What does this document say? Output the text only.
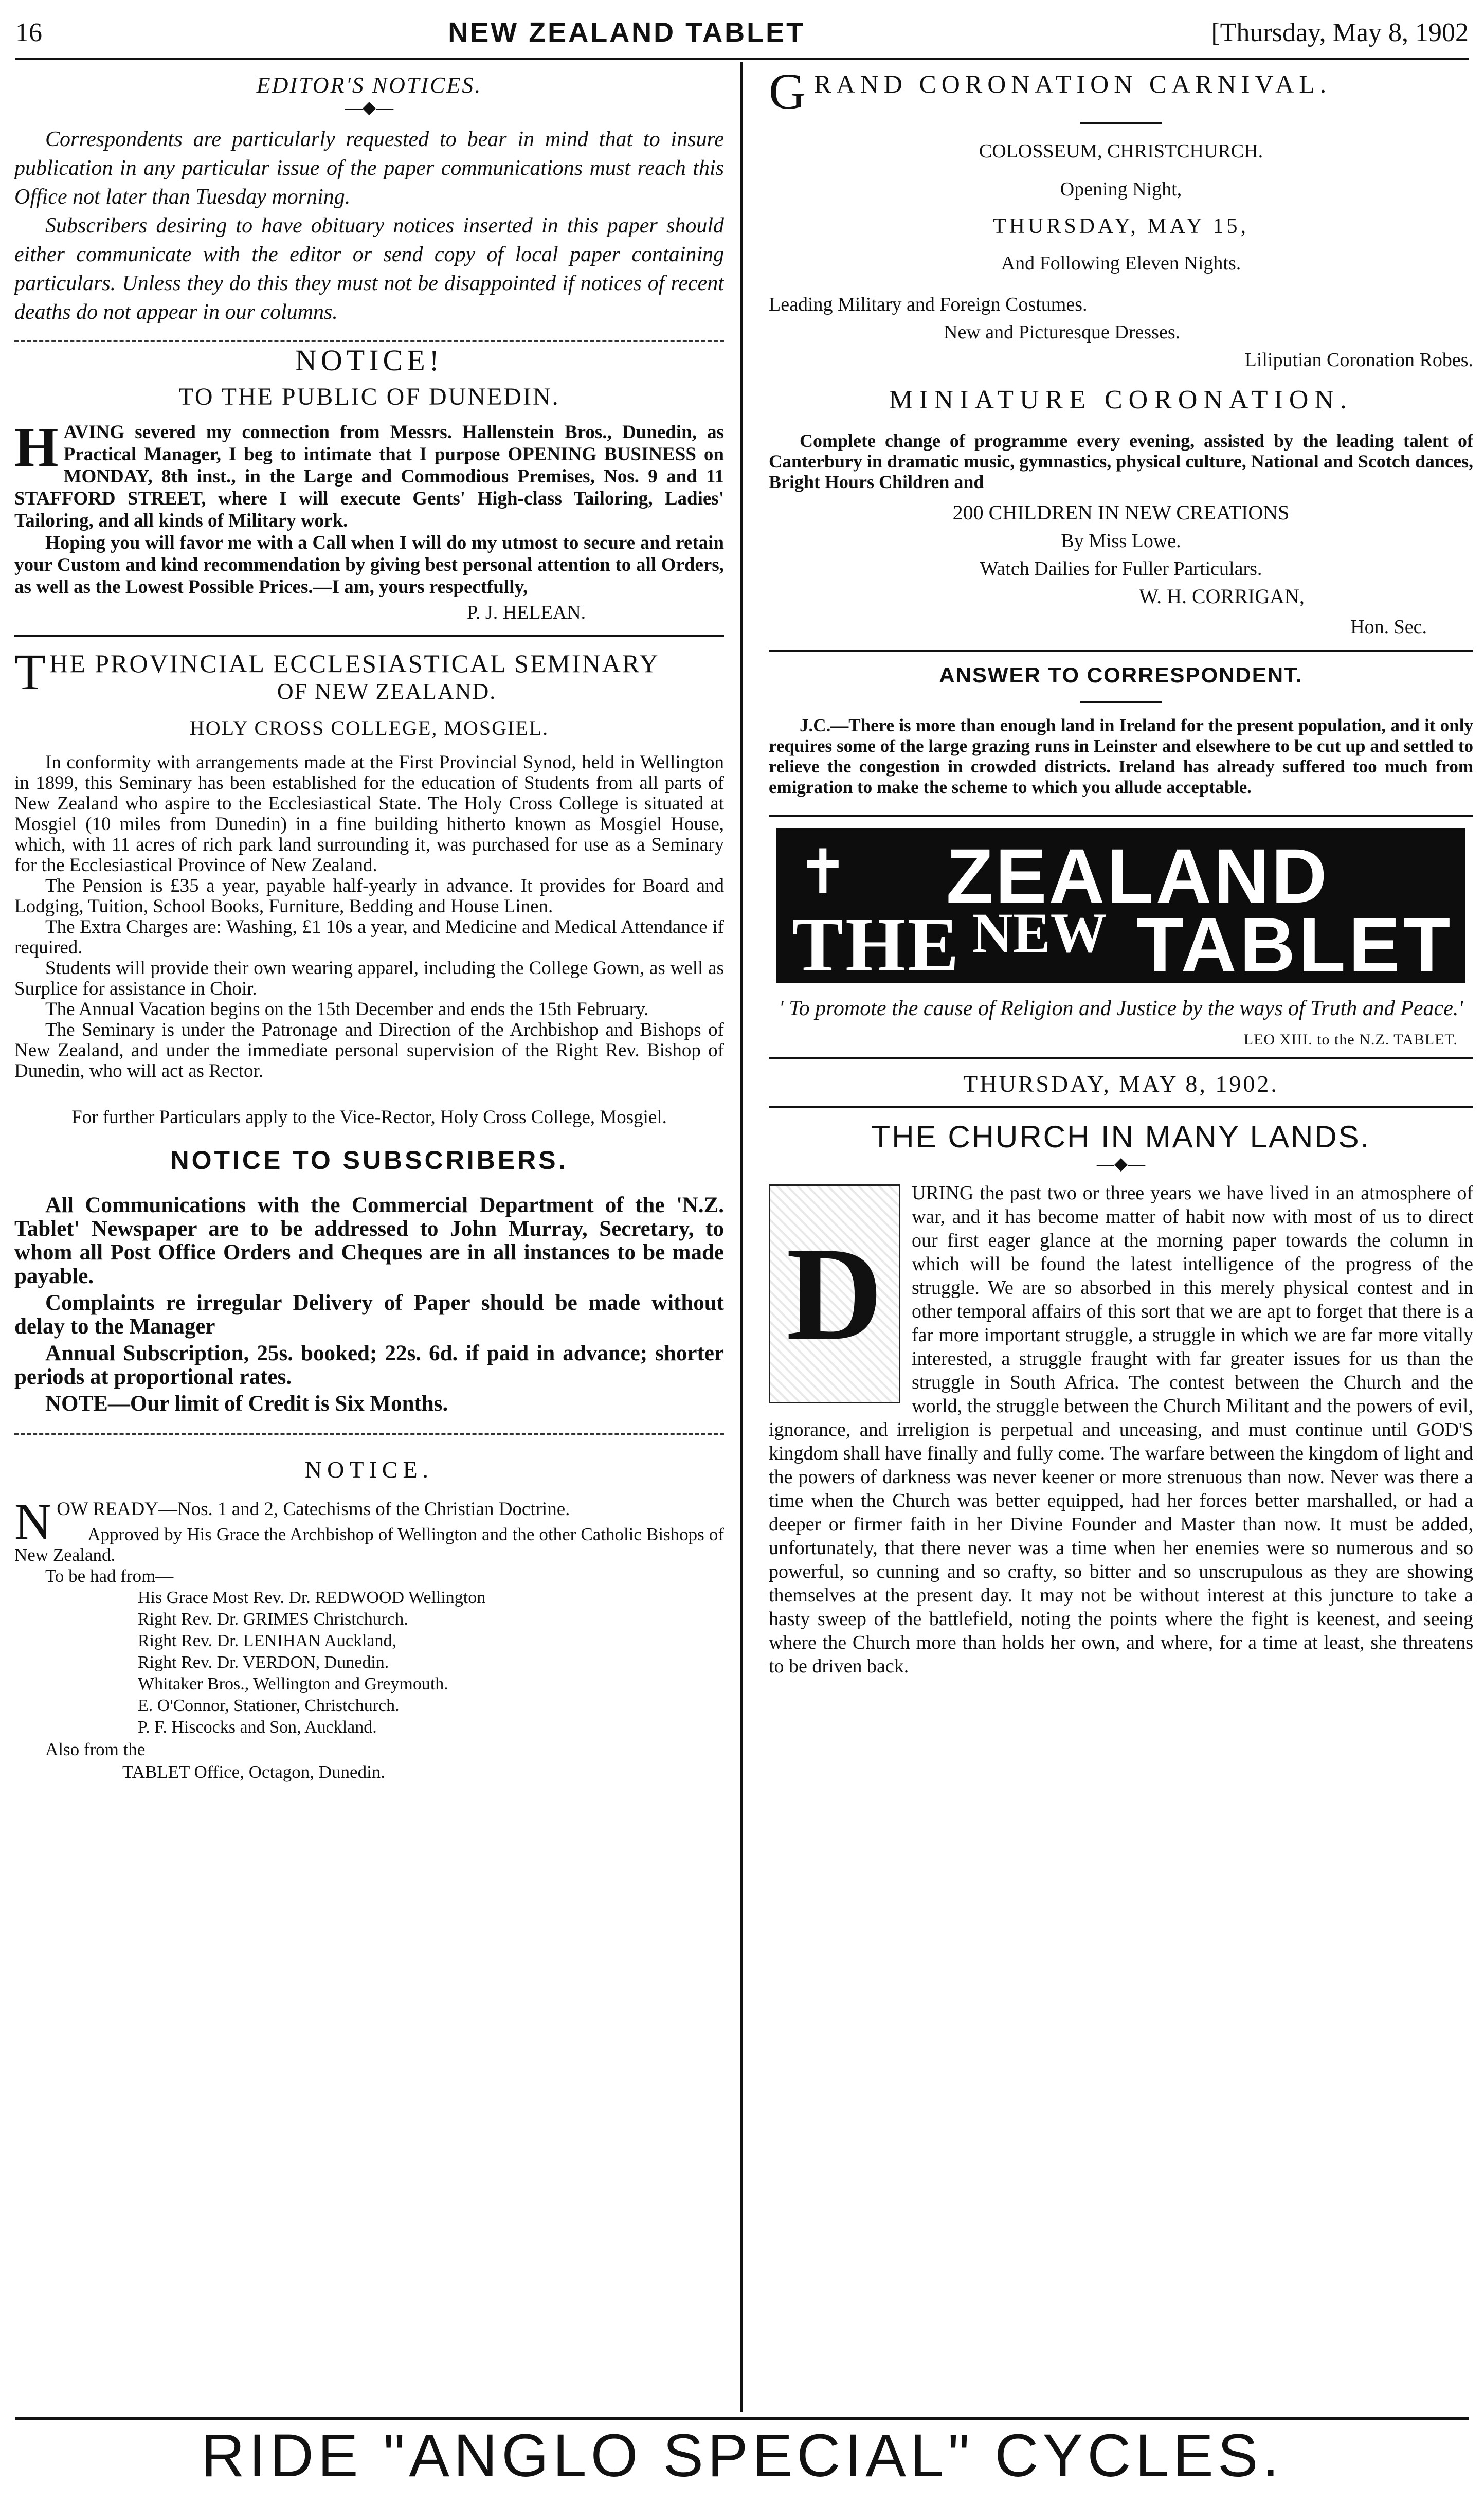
16	NEW ZEALAND TABLET	[Thursday, May 8, 1902

EDITOR'S NOTICES.

—◆—

Correspondents are particularly requested to bear in mind that to insure publication in any particular issue of the paper communications must reach this Office not later than Tuesday morning.

Subscribers desiring to have obituary notices inserted in this paper should either communicate with the editor or send copy of local paper containing particulars. Unless they do this they must not be disappointed if notices of recent deaths do not appear in our columns.

NOTICE!

TO THE PUBLIC OF DUNEDIN.

H AVING severed my connection from Messrs. Hallenstein Bros., Dunedin, as Practical Manager, I beg to intimate that I purpose OPENING BUSINESS on MONDAY, 8th inst., in the Large and Commodious Premises, Nos. 9 and 11 STAFFORD STREET, where I will execute Gents' High-class Tailoring, Ladies' Tailoring, and all kinds of Military work.

Hoping you will favor me with a Call when I will do my utmost to secure and retain your Custom and kind recommendation by giving best personal attention to all Orders, as well as the Lowest Possible Prices.—I am, yours respectfully,

P. J. HELEAN.

T HE PROVINCIAL ECCLESIASTICAL SEMINARY

OF NEW ZEALAND.

HOLY CROSS COLLEGE, MOSGIEL.

In conformity with arrangements made at the First Provincial Synod, held in Wellington in 1899, this Seminary has been established for the education of Students from all parts of New Zealand who aspire to the Ecclesiastical State. The Holy Cross College is situated at Mosgiel (10 miles from Dunedin) in a fine building hitherto known as Mosgiel House, which, with 11 acres of rich park land surrounding it, was purchased for use as a Seminary for the Ecclesiastical Province of New Zealand.

The Pension is £35 a year, payable half-yearly in advance. It provides for Board and Lodging, Tuition, School Books, Furniture, Bedding and House Linen.

The Extra Charges are: Washing, £1 10s a year, and Medicine and Medical Attendance if required.

Students will provide their own wearing apparel, including the College Gown, as well as Surplice for assistance in Choir.

The Annual Vacation begins on the 15th December and ends the 15th February.

The Seminary is under the Patronage and Direction of the Archbishop and Bishops of New Zealand, and under the immediate personal supervision of the Right Rev. Bishop of Dunedin, who will act as Rector.

For further Particulars apply to the Vice-Rector, Holy Cross College, Mosgiel.

NOTICE TO SUBSCRIBERS.

All Communications with the Commercial Department of the 'N.Z. Tablet' Newspaper are to be addressed to John Murray, Secretary, to whom all Post Office Orders and Cheques are in all instances to be made payable.

Complaints re irregular Delivery of Paper should be made without delay to the Manager

Annual Subscription, 25s. booked; 22s. 6d. if paid in advance; shorter periods at proportional rates.

NOTE—Our limit of Credit is Six Months.

NOTICE.

N OW READY—Nos. 1 and 2, Catechisms of the Christian Doctrine.

Approved by His Grace the Archbishop of Wellington and the other Catholic Bishops of New Zealand.

To be had from—

His Grace Most Rev. Dr. REDWOOD Wellington

Right Rev. Dr. GRIMES Christchurch.

Right Rev. Dr. LENIHAN Auckland,

Right Rev. Dr. VERDON, Dunedin.

Whitaker Bros., Wellington and Greymouth.

E. O'Connor, Stationer, Christchurch.

P. F. Hiscocks and Son, Auckland.

Also from the

TABLET Office, Octagon, Dunedin.

G RAND CORONATION CARNIVAL.

COLOSSEUM, CHRISTCHURCH.

Opening Night,

THURSDAY, MAY 15,

And Following Eleven Nights.

Leading Military and Foreign Costumes.

New and Picturesque Dresses.

Liliputian Coronation Robes.

MINIATURE CORONATION.

Complete change of programme every evening, assisted by the leading talent of Canterbury in dramatic music, gymnastics, physical culture, National and Scotch dances, Bright Hours Children and

200 CHILDREN IN NEW CREATIONS

By Miss Lowe.

Watch Dailies for Fuller Particulars.

W. H. CORRIGAN,

Hon. Sec.

ANSWER TO CORRESPONDENT.

J.C.—There is more than enough land in Ireland for the present population, and it only requires some of the large grazing runs in Leinster and elsewhere to be cut up and settled to relieve the congestion in crowded districts. Ireland has already suffered too much from emigration to make the scheme to which you allude acceptable.

✝
THE NEW
ZEALAND
TABLET

' To promote the cause of Religion and Justice by the ways of Truth and Peace.'

LEO XIII. to the N.Z. TABLET.

THURSDAY, MAY 8, 1902.

THE CHURCH IN MANY LANDS.

—◆—
D

URING the past two or three years we have lived in an atmosphere of war, and it has become matter of habit now with most of us to direct our first eager glance at the morning paper towards the column in which will be found the latest intelligence of the progress of the struggle. We are so absorbed in this merely physical contest and in other temporal affairs of this sort that we are apt to forget that there is a far more important struggle, a struggle in which we are far more vitally interested, a struggle fraught with far greater issues for us than the struggle in South Africa. The contest between the Church and the world, the struggle between the Church Militant and the powers of evil, ignorance, and irreligion is perpetual and unceasing, and must continue until GOD'S kingdom shall have finally and fully come. The warfare between the kingdom of light and the powers of darkness was never keener or more strenuous than now. Never was there a time when the Church was better equipped, had her forces better marshalled, or had a deeper or firmer faith in her Divine Founder and Master than now. It must be added, unfortunately, that there never was a time when her enemies were so numerous and so powerful, so cunning and so crafty, so bitter and so unscrupulous as they are showing themselves at the present day. It may not be without interest at this juncture to take a hasty sweep of the battlefield, noting the points where the fight is keenest, and seeing where the Church more than holds her own, and where, for a time at least, she threatens to be driven back.

RIDE "ANGLO SPECIAL" CYCLES.
